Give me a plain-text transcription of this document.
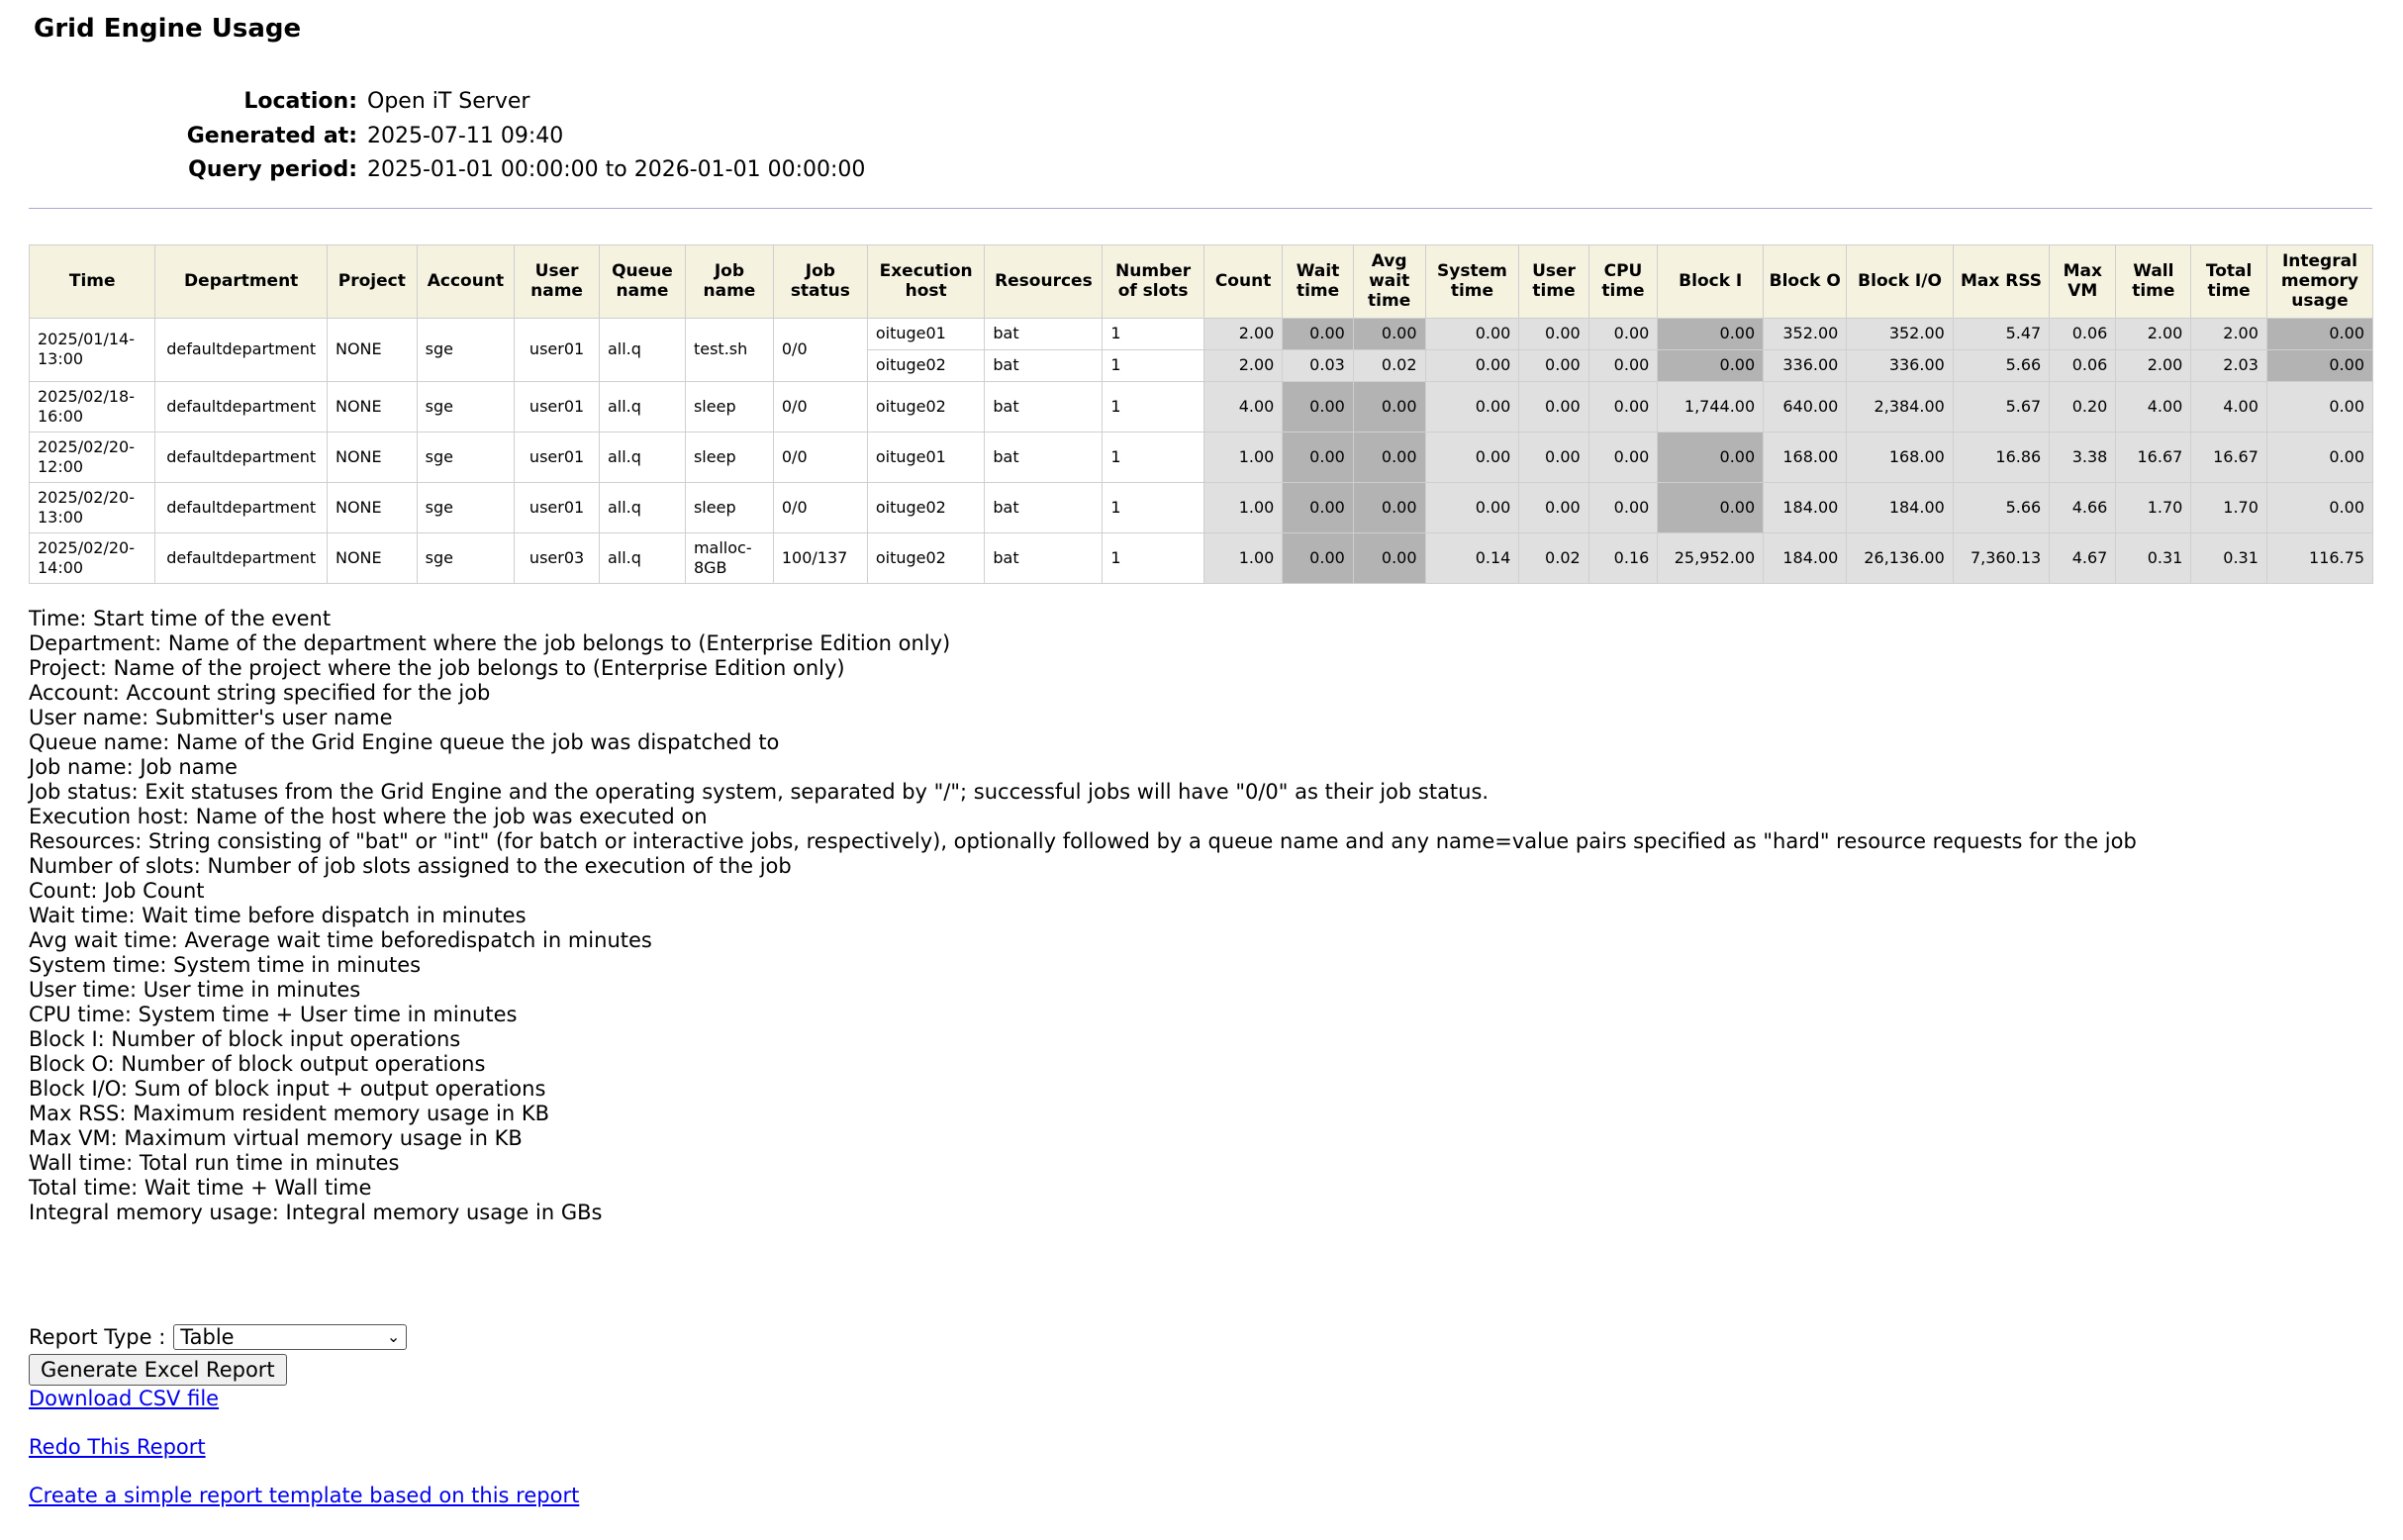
Grid Engine Usage
Location: Open iT Server
Generated at: 2025-07-11 09:40
Query period: 2025-01-01 00:00:00 to 2026-01-01 00:00:00
Time	Department	Project	Account	User name	Queue name	Job name	Job status	Execution host	Resources	Number of slots	Count	Wait time	Avg wait time	System time	User time	CPU time	Block I	Block O	Block I/O	Max RSS	Max VM	Wall time	Total time	Integral memory usage
2025/01/14-13:00	defaultdepartment	NONE	sge	user01	all.q	test.sh	0/0	oituge01	bat	1	2.00	0.00	0.00	0.00	0.00	0.00	0.00	352.00	352.00	5.47	0.06	2.00	2.00	0.00
								oituge02	bat	1	2.00	0.03	0.02	0.00	0.00	0.00	0.00	336.00	336.00	5.66	0.06	2.00	2.03	0.00
2025/02/18-16:00	defaultdepartment	NONE	sge	user01	all.q	sleep	0/0	oituge02	bat	1	4.00	0.00	0.00	0.00	0.00	0.00	1,744.00	640.00	2,384.00	5.67	0.20	4.00	4.00	0.00
2025/02/20-12:00	defaultdepartment	NONE	sge	user01	all.q	sleep	0/0	oituge01	bat	1	1.00	0.00	0.00	0.00	0.00	0.00	0.00	168.00	168.00	16.86	3.38	16.67	16.67	0.00
2025/02/20-13:00	defaultdepartment	NONE	sge	user01	all.q	sleep	0/0	oituge02	bat	1	1.00	0.00	0.00	0.00	0.00	0.00	0.00	184.00	184.00	5.66	4.66	1.70	1.70	0.00
2025/02/20-14:00	defaultdepartment	NONE	sge	user03	all.q	malloc-8GB	100/137	oituge02	bat	1	1.00	0.00	0.00	0.14	0.02	0.16	25,952.00	184.00	26,136.00	7,360.13	4.67	0.31	0.31	116.75
Time: Start time of the event
Department: Name of the department where the job belongs to (Enterprise Edition only)
Project: Name of the project where the job belongs to (Enterprise Edition only)
Account: Account string specified for the job
User name: Submitter's user name
Queue name: Name of the Grid Engine queue the job was dispatched to
Job name: Job name
Job status: Exit statuses from the Grid Engine and the operating system, separated by "/"; successful jobs will have "0/0" as their job status.
Execution host: Name of the host where the job was executed on
Resources: String consisting of "bat" or "int" (for batch or interactive jobs, respectively), optionally followed by a queue name and any name=value pairs specified as "hard" resource requests for the job
Number of slots: Number of job slots assigned to the execution of the job
Count: Job Count
Wait time: Wait time before dispatch in minutes
Avg wait time: Average wait time beforedispatch in minutes
System time: System time in minutes
User time: User time in minutes
CPU time: System time + User time in minutes
Block I: Number of block input operations
Block O: Number of block output operations
Block I/O: Sum of block input + output operations
Max RSS: Maximum resident memory usage in KB
Max VM: Maximum virtual memory usage in KB
Wall time: Total run time in minutes
Total time: Wait time + Wall time
Integral memory usage: Integral memory usage in GBs
Report Type : Table	⌄
Generate Excel Report
Download CSV file
Redo This Report
Create a simple report template based on this report
